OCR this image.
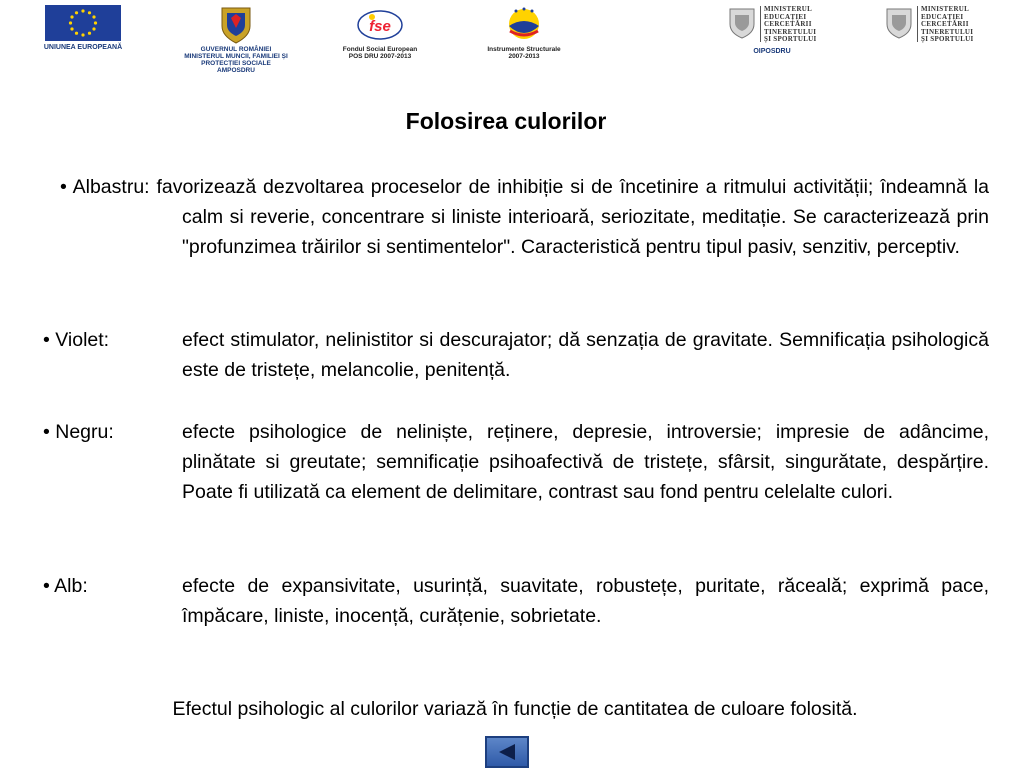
UNIUNEA EUROPEANĂ	GUVERNUL ROMÂNIEI
MINISTERUL MUNCII, FAMILIEI ȘI
PROTECȚIEI SOCIALE
AMPOSDRU
fse
Fondul Social European
POS DRU 2007-2013
Instrumente Structurale
2007-2013
MINISTERUL
EDUCAȚIEI
CERCETĂRII
TINERETULUI
ȘI SPORTULUI
OIPOSDRU
MINISTERUL
EDUCAȚIEI
CERCETĂRII
TINERETULUI
ȘI SPORTULUI
Folosirea culorilor
• Albastru: favorizează dezvoltarea proceselor de inhibiție si de încetinire a ritmului activității; îndeamnă la calm si reverie, concentrare si liniste interioară, seriozitate, meditație. Se caracterizează prin "profunzimea trăirilor si sentimentelor". Caracteristică pentru tipul pasiv, senzitiv, perceptiv.
• Violet:	efect stimulator, nelinistitor si descurajator; dă senzația de gravitate. Semnificația psihologică este de tristețe, melancolie, penitență.
• Negru:	efecte psihologice de neliniște, reținere, depresie, introversie; impresie de adâncime, plinătate si greutate; semnificație psihoafectivă de tristețe, sfârsit, singurătate, despărțire. Poate fi utilizată ca element de delimitare, contrast sau fond pentru celelalte culori.
• Alb:	efecte de expansivitate, usurință, suavitate, robustețe, puritate, răceală; exprimă pace, împăcare, liniste, inocență, curățenie, sobrietate.
Efectul psihologic al culorilor variază în funcție de cantitatea de culoare folosită.
